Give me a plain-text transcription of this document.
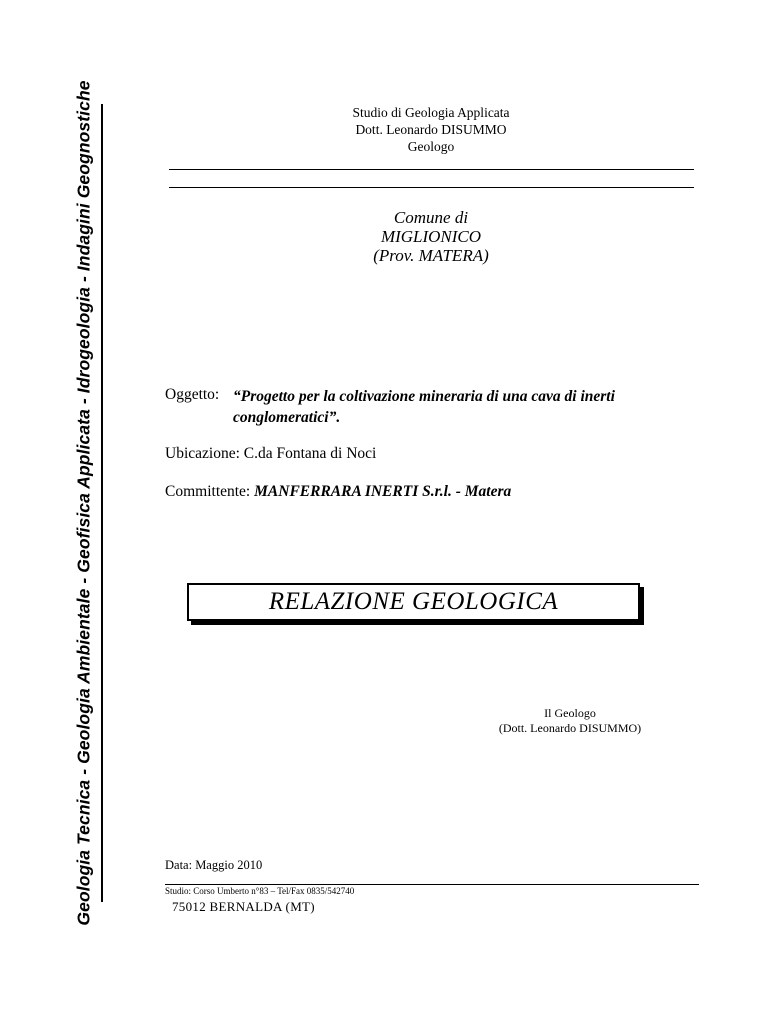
Geologia Tecnica - Geologia Ambientale - Geofisica Applicata - Idrogeologia - Indagini Geognostiche	Studio di Geologia Applicata
Dott. Leonardo DISUMMO
Geologo
Comune di
MIGLIONICO
(Prov. MATERA)
Oggetto: “Progetto per la coltivazione mineraria di una cava di inerti
conglomeratici”.
Ubicazione: C.da Fontana di Noci
Committente: MANFERRARA INERTI S.r.l. - Matera
RELAZIONE GEOLOGICA
Il Geologo
(Dott. Leonardo DISUMMO)
Data: Maggio 2010
Studio: Corso Umberto n°83 – Tel/Fax 0835/542740
75012 BERNALDA (MT)
